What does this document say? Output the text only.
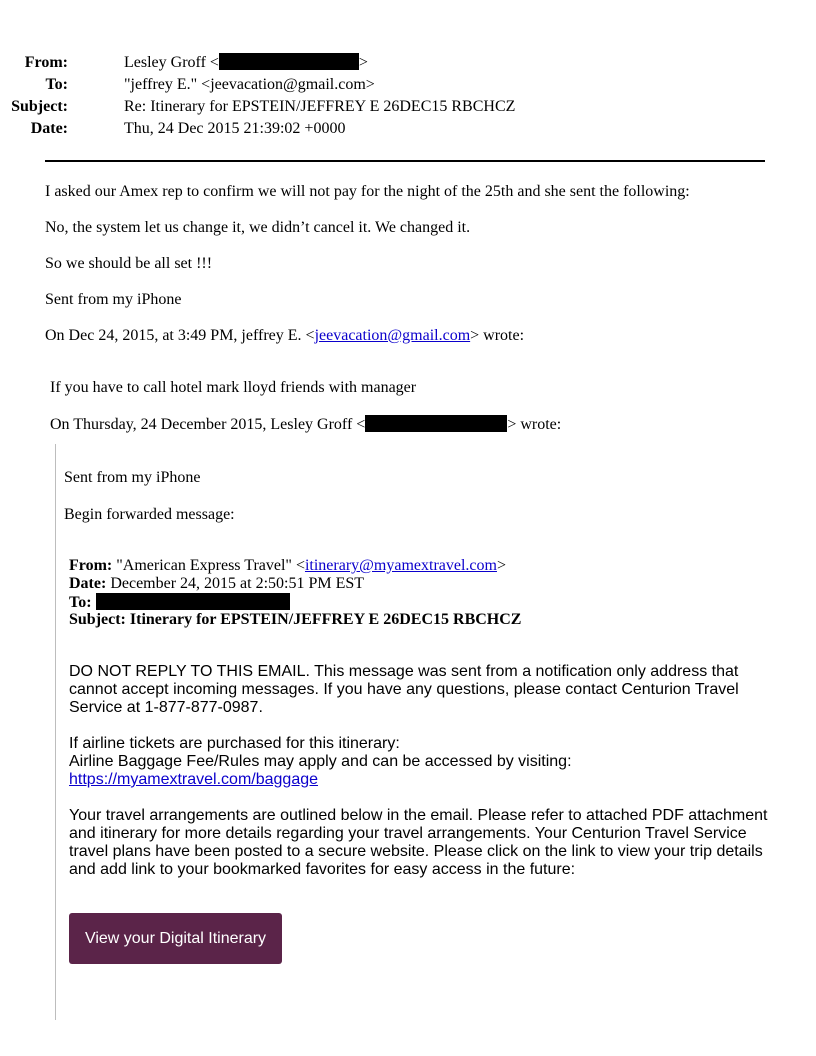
From:	Lesley Groff <	>
To:	"jeffrey E." <jeevacation@gmail.com>
Subject:	Re: Itinerary for EPSTEIN/JEFFREY E 26DEC15 RBCHCZ
Date:	Thu, 24 Dec 2015 21:39:02 +0000
I asked our Amex rep to confirm we will not pay for the night of the 25th and she sent the following:
No, the system let us change it, we didn’t cancel it. We changed it.
So we should be all set !!!
Sent from my iPhone
On Dec 24, 2015, at 3:49 PM, jeffrey E. <jeevacation@gmail.com> wrote:
If you have to call hotel mark lloyd friends with manager
On Thursday, 24 December 2015, Lesley Groff <	> wrote:
Sent from my iPhone
Begin forwarded message:
From: "American Express Travel" <itinerary@myamextravel.com>
Date: December 24, 2015 at 2:50:51 PM EST
To:
Subject: Itinerary for EPSTEIN/JEFFREY E 26DEC15 RBCHCZ

DO NOT REPLY TO THIS EMAIL. This message was sent from a notification only address that cannot accept incoming messages. If you have any questions, please contact Centurion Travel Service at 1-877-877-0987.

If airline tickets are purchased for this itinerary:

Airline Baggage Fee/Rules may apply and can be accessed by visiting:

https://myamextravel.com/baggage

Your travel arrangements are outlined below in the email. Please refer to attached PDF attachment and itinerary for more details regarding your travel arrangements. Your Centurion Travel Service travel plans have been posted to a secure website. Please click on the link to view your trip details and add link to your bookmarked favorites for easy access in the future:

View your Digital Itinerary
